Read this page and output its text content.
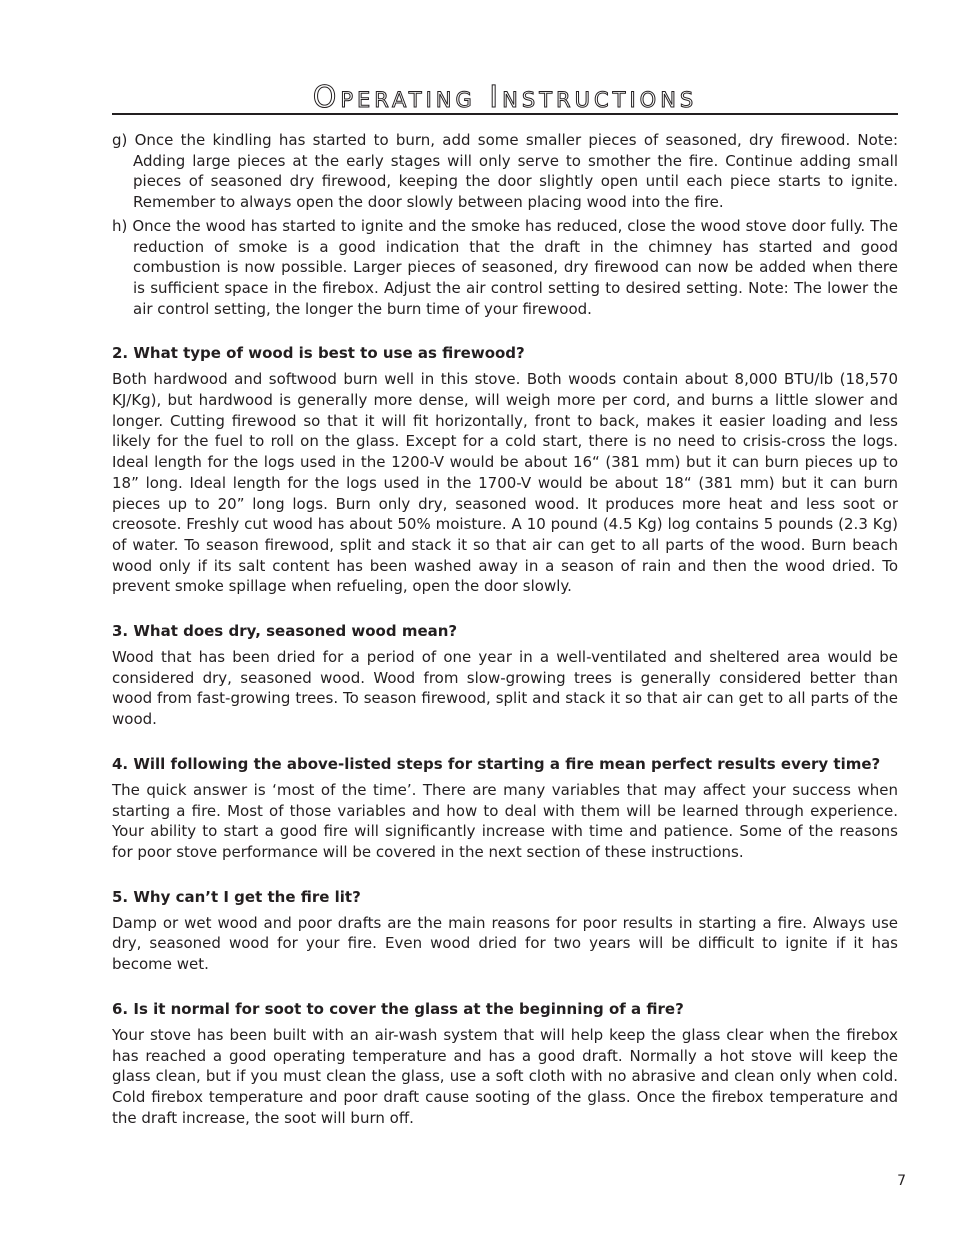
Operating Instructions

g) Once the kindling has started to burn, add some smaller pieces of seasoned, dry firewood. Note: Adding large pieces at the early stages will only serve to smother the fire. Continue adding small pieces of seasoned dry firewood, keeping the door slightly open until each piece starts to ignite. Remember to always open the door slowly between placing wood into the fire.

h) Once the wood has started to ignite and the smoke has reduced, close the wood stove door fully. The reduction of smoke is a good indication that the draft in the chimney has started and good combustion is now possible. Larger pieces of seasoned, dry firewood can now be added when there is sufficient space in the firebox. Adjust the air control setting to desired setting. Note: The lower the air control setting, the longer the burn time of your firewood.

2. What type of wood is best to use as firewood?

Both hardwood and softwood burn well in this stove. Both woods contain about 8,000 BTU/lb (18,570 KJ/Kg), but hardwood is generally more dense, will weigh more per cord, and burns a little slower and longer. Cutting firewood so that it will fit horizontally, front to back, makes it easier loading and less likely for the fuel to roll on the glass. Except for a cold start, there is no need to crisis-cross the logs. Ideal length for the logs used in the 1200-V would be about 16“ (381 mm) but it can burn pieces up to 18” long. Ideal length for the logs used in the 1700-V would be about 18“ (381 mm) but it can burn pieces up to 20” long logs. Burn only dry, seasoned wood. It produces more heat and less soot or creosote. Freshly cut wood has about 50% moisture. A 10 pound (4.5 Kg) log contains 5 pounds (2.3 Kg) of water. To season firewood, split and stack it so that air can get to all parts of the wood. Burn beach wood only if its salt content has been washed away in a season of rain and then the wood dried. To prevent smoke spillage when refueling, open the door slowly.

3. What does dry, seasoned wood mean?

Wood that has been dried for a period of one year in a well-ventilated and sheltered area would be considered dry, seasoned wood. Wood from slow-growing trees is generally considered better than wood from fast-growing trees. To season firewood, split and stack it so that air can get to all parts of the wood.

4. Will following the above-listed steps for starting a fire mean perfect results every time?

The quick answer is ‘most of the time’. There are many variables that may affect your success when starting a fire. Most of those variables and how to deal with them will be learned through experience. Your ability to start a good fire will significantly increase with time and patience. Some of the reasons for poor stove performance will be covered in the next section of these instructions.

5. Why can’t I get the fire lit?

Damp or wet wood and poor drafts are the main reasons for poor results in starting a fire. Always use dry, seasoned wood for your fire. Even wood dried for two years will be difficult to ignite if it has become wet.

6. Is it normal for soot to cover the glass at the beginning of a fire?

Your stove has been built with an air-wash system that will help keep the glass clear when the firebox has reached a good operating temperature and has a good draft. Normally a hot stove will keep the glass clean, but if you must clean the glass, use a soft cloth with no abrasive and clean only when cold. Cold firebox temperature and poor draft cause sooting of the glass. Once the firebox temperature and the draft increase, the soot will burn off.

7
